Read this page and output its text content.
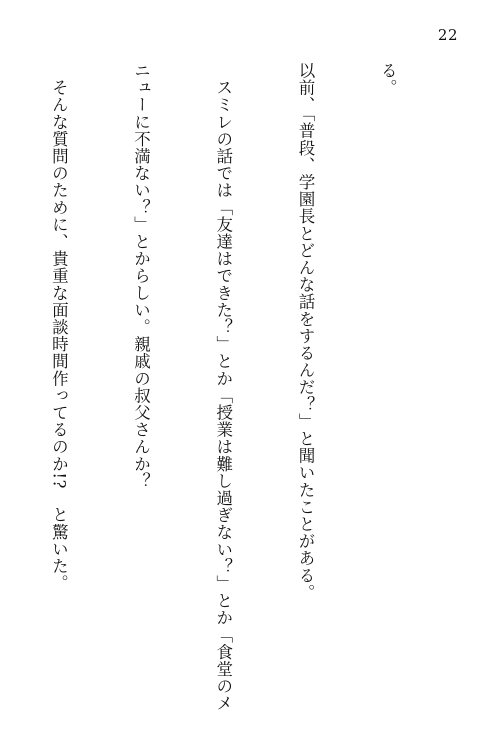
22

る。

以前、「普段、学園長とどんな話をするんだ？」と聞いたことがある。

　スミレの話では「友達はできた？」とか「授業は難し過ぎない？」とか「食堂のメ

ニューに不満ない？」とからしい。親戚の叔父さんか？

　そんな質問のために、貴重な面談時間作ってるのか!?　と驚いた。
